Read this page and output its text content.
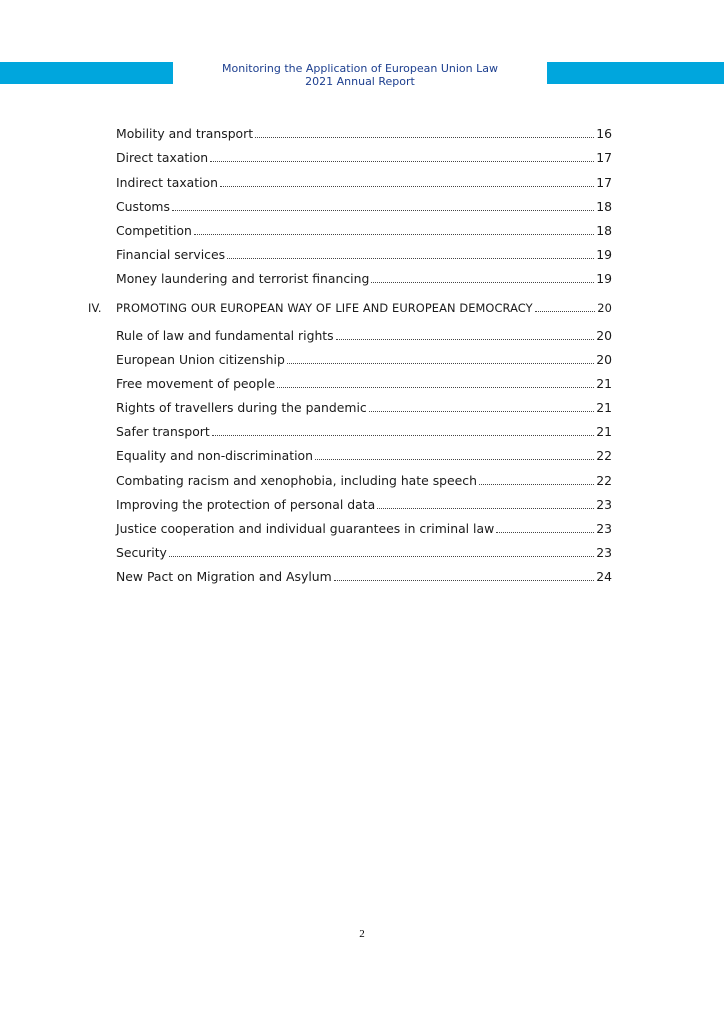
Monitoring the Application of European Union Law
2021 Annual Report
Mobility and transport	16
Direct taxation	17
Indirect taxation	17
Customs	18
Competition	18
Financial services	19
Money laundering and terrorist financing	19
IV.	PROMOTING OUR EUROPEAN WAY OF LIFE AND EUROPEAN DEMOCRACY	20
Rule of law and fundamental rights	20
European Union citizenship	20
Free movement of people	21
Rights of travellers during the pandemic	21
Safer transport	21
Equality and non-discrimination	22
Combating racism and xenophobia, including hate speech	22
Improving the protection of personal data	23
Justice cooperation and individual guarantees in criminal law	23
Security	23
New Pact on Migration and Asylum	24
2
